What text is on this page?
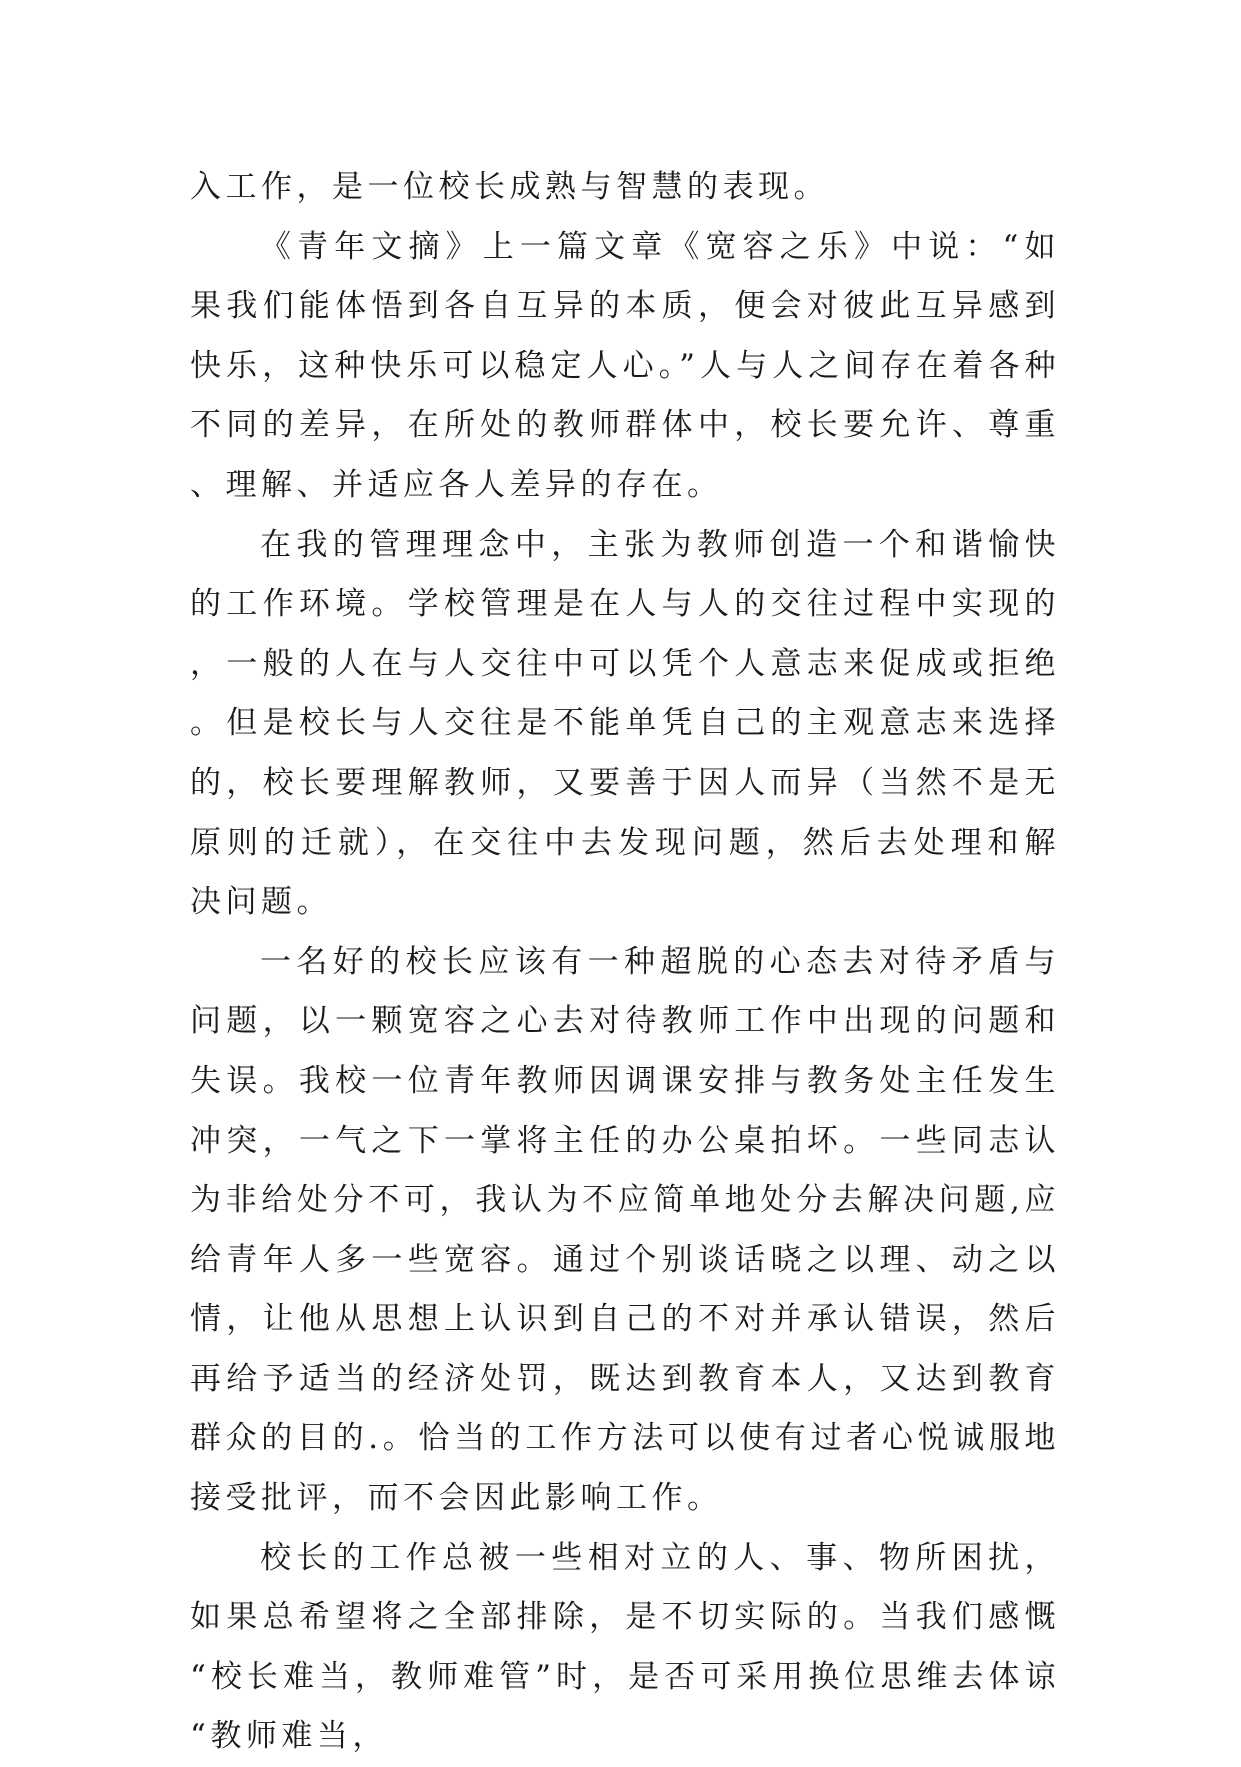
入工作，是一位校长成熟与智慧的表现。

《青年文摘》上一篇文章《宽容之乐》中说：“如果我们能体悟到各自互异的本质，便会对彼此互异感到快乐，这种快乐可以稳定人心。”人与人之间存在着各种不同的差异，在所处的教师群体中，校长要允许、尊重、理解、并适应各人差异的存在。

在我的管理理念中，主张为教师创造一个和谐愉快的工作环境。学校管理是在人与人的交往过程中实现的，一般的人在与人交往中可以凭个人意志来促成或拒绝。但是校长与人交往是不能单凭自己的主观意志来选择的，校长要理解教师，又要善于因人而异（当然不是无原则的迁就），在交往中去发现问题，然后去处理和解决问题。

一名好的校长应该有一种超脱的心态去对待矛盾与问题，以一颗宽容之心去对待教师工作中出现的问题和失误。我校一位青年教师因调课安排与教务处主任发生冲突，一气之下一掌将主任的办公桌拍坏。一些同志认为非给处分不可，我认为不应简单地处分去解决问题,应给青年人多一些宽容。通过个别谈话晓之以理、动之以情，让他从思想上认识到自己的不对并承认错误，然后再给予适当的经济处罚，既达到教育本人，又达到教育群众的目的.。恰当的工作方法可以使有过者心悦诚服地接受批评，而不会因此影响工作。

校长的工作总被一些相对立的人、事、物所困扰，如果总希望将之全部排除，是不切实际的。当我们感慨“校长难当，教师难管”时，是否可采用换位思维去体谅“教师难当，
